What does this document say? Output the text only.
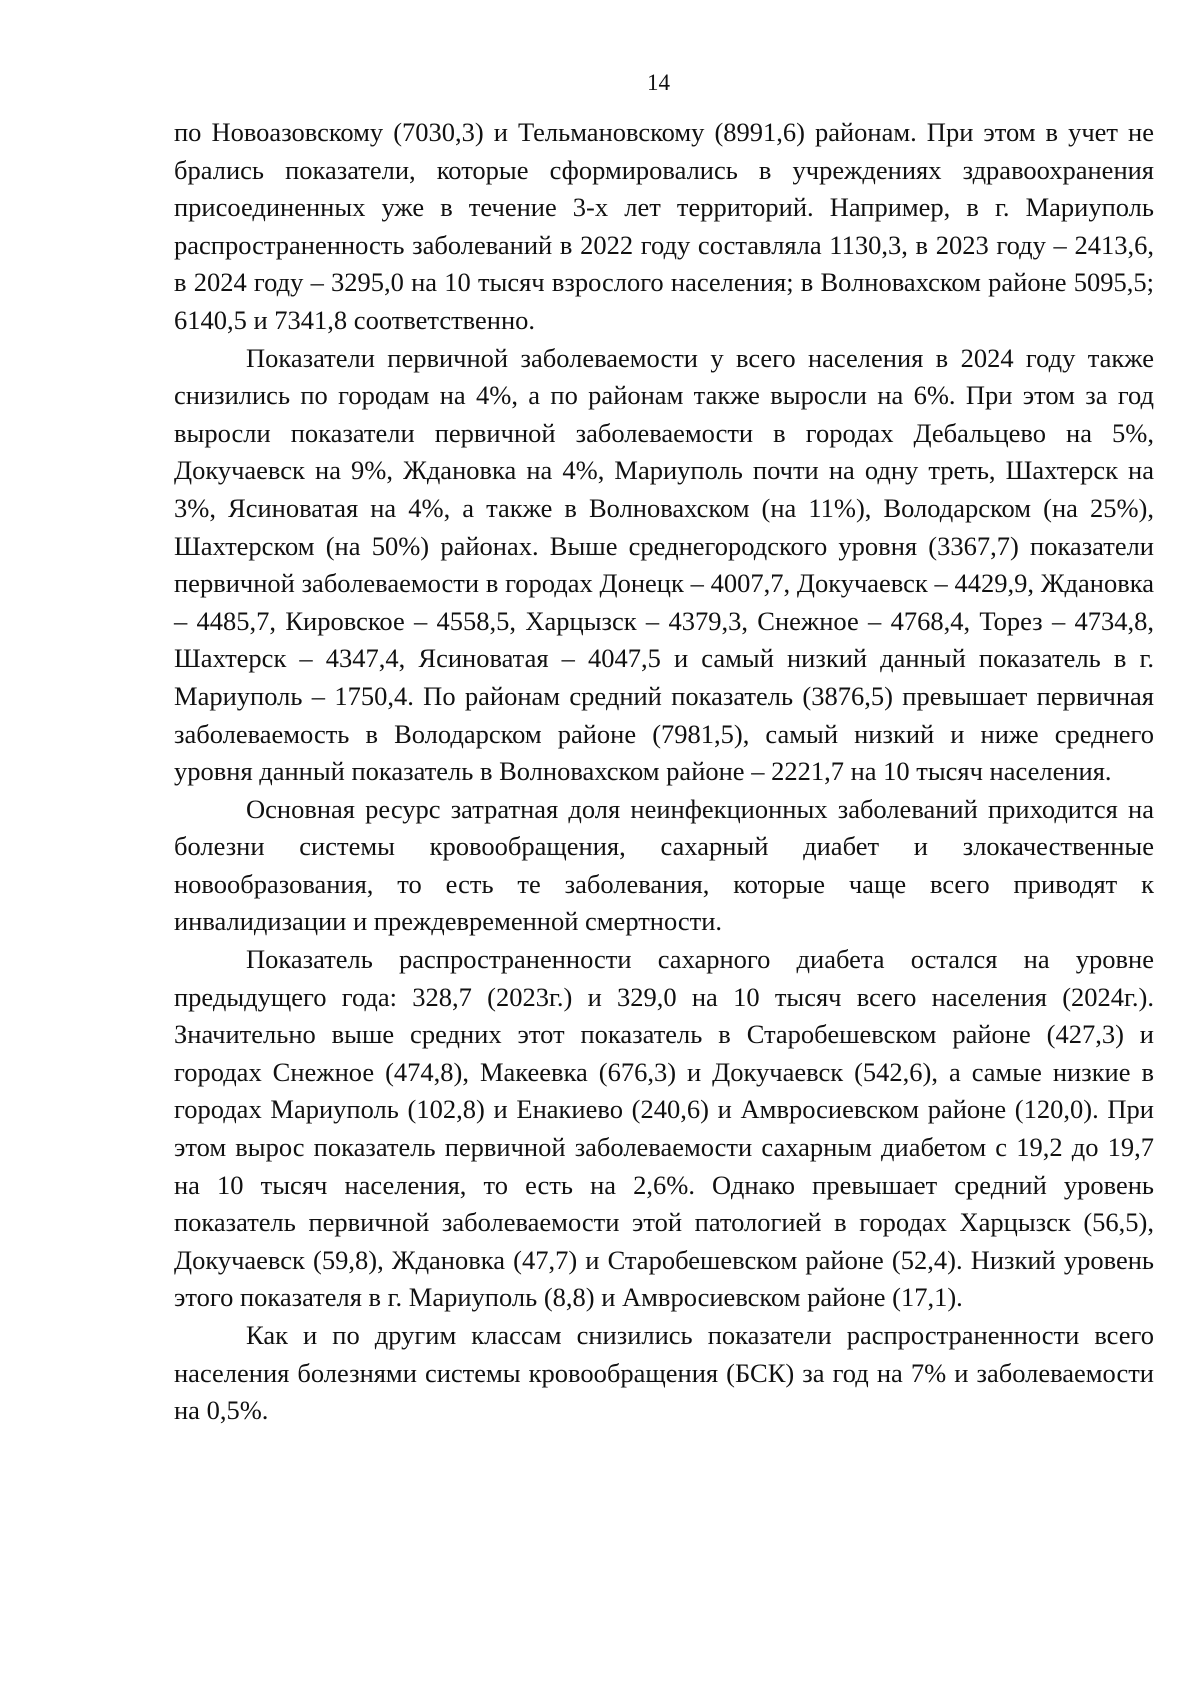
14

по Новоазовскому (7030,3) и Тельмановскому (8991,6) районам. При этом в учет не брались показатели, которые сформировались в учреждениях здравоохранения присоединенных уже в течение 3-х лет территорий. Например, в г. Мариуполь распространенность заболеваний в 2022 году составляла 1130,3, в 2023 году – 2413,6, в 2024 году – 3295,0 на 10 тысяч взрослого населения; в Волновахском районе 5095,5; 6140,5 и 7341,8 соответственно.

Показатели первичной заболеваемости у всего населения в 2024 году также снизились по городам на 4%, а по районам также выросли на 6%. При этом за год выросли показатели первичной заболеваемости в городах Дебальцево на 5%, Докучаевск на 9%, Ждановка на 4%, Мариуполь почти на одну треть, Шахтерск на 3%, Ясиноватая на 4%, а также в Волновахском (на 11%), Володарском (на 25%), Шахтерском (на 50%) районах. Выше среднегородского уровня (3367,7) показатели первичной заболеваемости в городах Донецк – 4007,7, Докучаевск – 4429,9, Ждановка – 4485,7, Кировское – 4558,5, Харцызск – 4379,3, Снежное – 4768,4, Торез – 4734,8, Шахтерск – 4347,4, Ясиноватая – 4047,5 и самый низкий данный показатель в г. Мариуполь – 1750,4. По районам средний показатель (3876,5) превышает первичная заболеваемость в Володарском районе (7981,5), самый низкий и ниже среднего уровня данный показатель в Волновахском районе – 2221,7 на 10 тысяч населения.

Основная ресурс затратная доля неинфекционных заболеваний приходится на болезни системы кровообращения, сахарный диабет и злокачественные новообразования, то есть те заболевания, которые чаще всего приводят к инвалидизации и преждевременной смертности.

Показатель распространенности сахарного диабета остался на уровне предыдущего года: 328,7 (2023г.) и 329,0 на 10 тысяч всего населения (2024г.). Значительно выше средних этот показатель в Старобешевском районе (427,3) и городах Снежное (474,8), Макеевка (676,3) и Докучаевск (542,6), а самые низкие в городах Мариуполь (102,8) и Енакиево (240,6) и Амвросиевском районе (120,0). При этом вырос показатель первичной заболеваемости сахарным диабетом с 19,2 до 19,7 на 10 тысяч населения, то есть на 2,6%. Однако превышает средний уровень показатель первичной заболеваемости этой патологией в городах Харцызск (56,5), Докучаевск (59,8), Ждановка (47,7) и Старобешевском районе (52,4). Низкий уровень этого показателя в г. Мариуполь (8,8) и Амвросиевском районе (17,1).

Как и по другим классам снизились показатели распространенности всего населения болезнями системы кровообращения (БСК) за год на 7% и заболеваемости на 0,5%.
